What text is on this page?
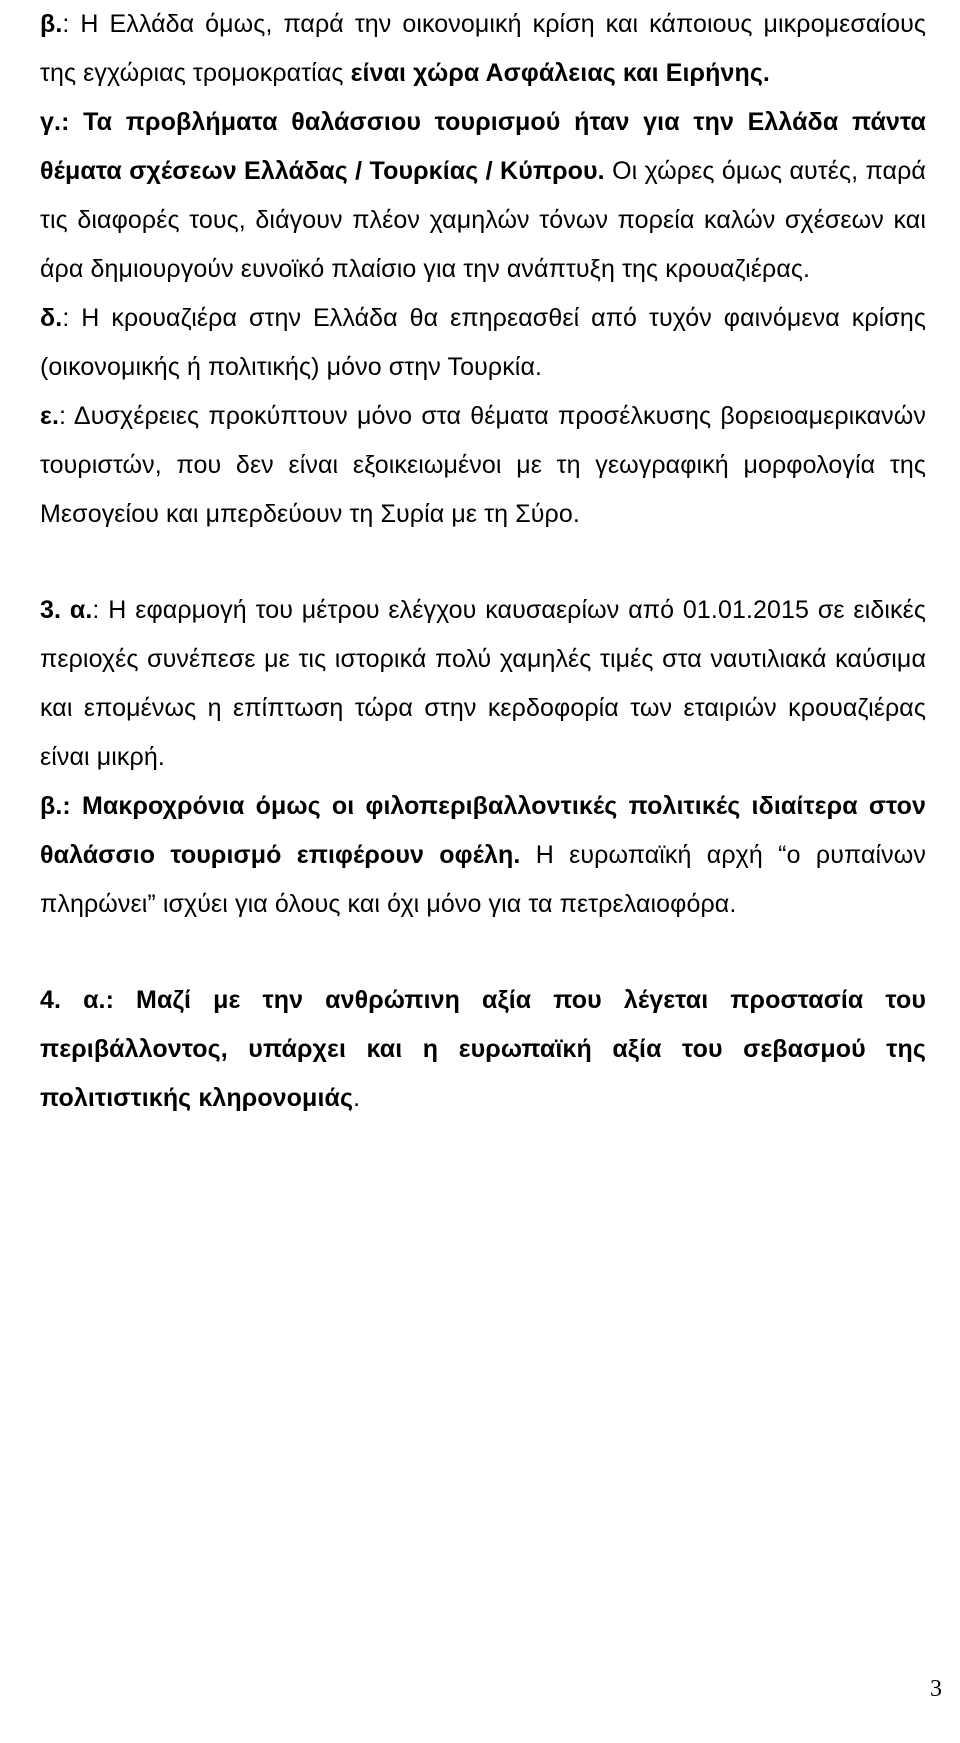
β.: Η Ελλάδα όμως, παρά την οικονομική κρίση και κάποιους μικρομεσαίους της εγχώριας τρομοκρατίας είναι χώρα Ασφάλειας και Ειρήνης.

γ.: Τα προβλήματα θαλάσσιου τουρισμού ήταν για την Ελλάδα πάντα θέματα σχέσεων Ελλάδας / Τουρκίας / Κύπρου. Οι χώρες όμως αυτές, παρά τις διαφορές τους, διάγουν πλέον χαμηλών τόνων πορεία καλών σχέσεων και άρα δημιουργούν ευνοϊκό πλαίσιο για την ανάπτυξη της κρουαζιέρας.

δ.: Η κρουαζιέρα στην Ελλάδα θα επηρεασθεί από τυχόν φαινόμενα κρίσης (οικονομικής ή πολιτικής) μόνο στην Τουρκία.

ε.: Δυσχέρειες προκύπτουν μόνο στα θέματα προσέλκυσης βορειοαμερικανών τουριστών, που δεν είναι εξοικειωμένοι με τη γεωγραφική μορφολογία της Μεσογείου και μπερδεύουν τη Συρία με τη Σύρο.

3. α.: Η εφαρμογή του μέτρου ελέγχου καυσαερίων από 01.01.2015 σε ειδικές περιοχές συνέπεσε με τις ιστορικά πολύ χαμηλές τιμές στα ναυτιλιακά καύσιμα και επομένως η επίπτωση τώρα στην κερδοφορία των εταιριών κρουαζιέρας είναι μικρή.

β.: Μακροχρόνια όμως οι φιλοπεριβαλλοντικές πολιτικές ιδιαίτερα στον θαλάσσιο τουρισμό επιφέρουν οφέλη. Η ευρωπαϊκή αρχή “ο ρυπαίνων πληρώνει” ισχύει για όλους και όχι μόνο για τα πετρελαιοφόρα.

4. α.: Μαζί με την ανθρώπινη αξία που λέγεται προστασία του περιβάλλοντος, υπάρχει και η ευρωπαϊκή αξία του σεβασμού της πολιτιστικής κληρονομιάς.

3
